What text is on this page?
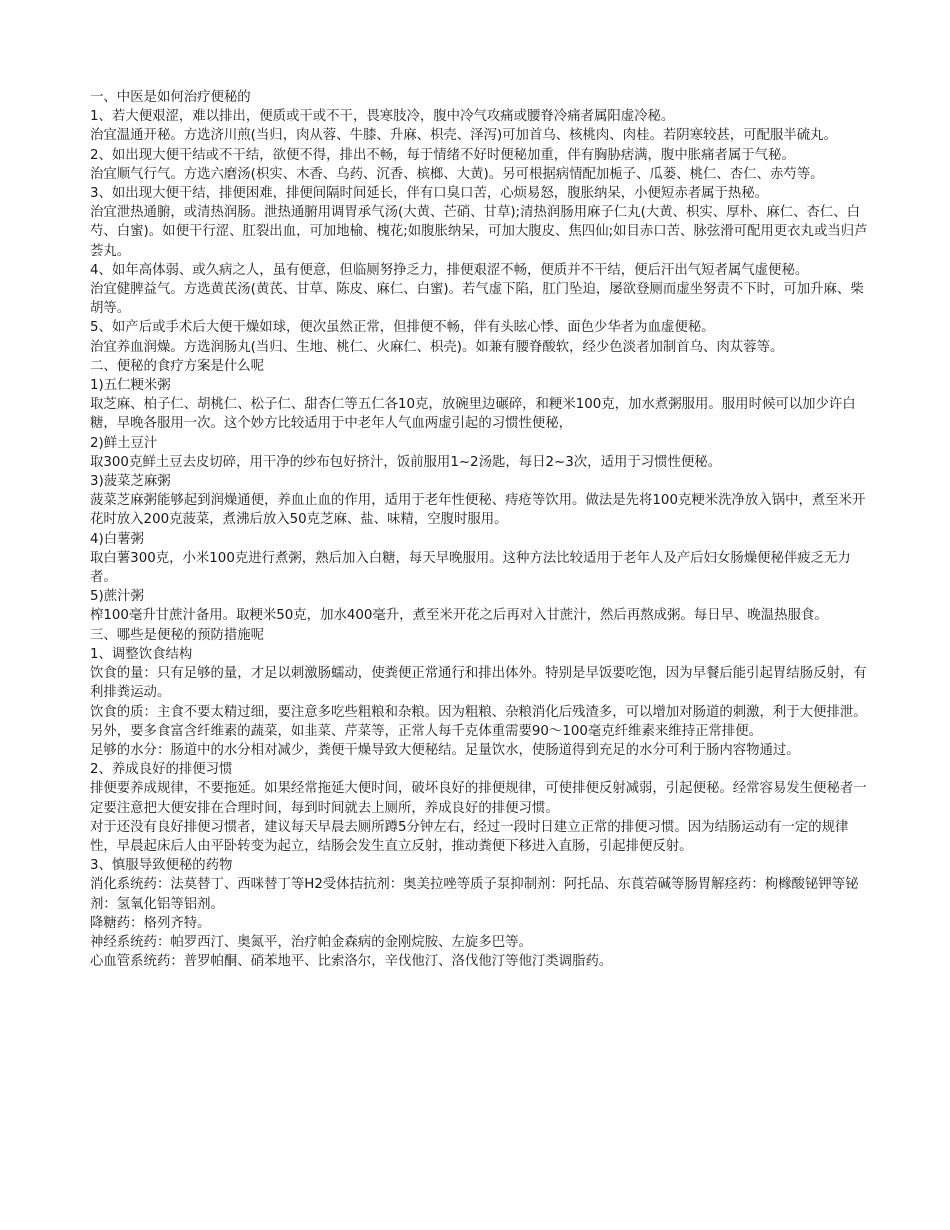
一、中医是如何治疗便秘的

1、若大便艰涩，难以排出，便质或干或不干，畏寒肢冷，腹中冷气攻痛或腰脊冷痛者属阳虚冷秘。

治宜温通开秘。方选济川煎(当归，肉从蓉、牛膝、升麻、枳壳、泽泻)可加首乌、核桃肉、肉桂。若阴寒较甚，可配服半硫丸。

2、如出现大便干结或不干结，欲便不得，排出不畅，每于情绪不好时便秘加重，伴有胸胁痞满，腹中胀痛者属于气秘。

治宜顺气行气。方选六磨汤(枳实、木香、乌药、沉香、槟榔、大黄)。另可根据病情配加栀子、瓜蒌、桃仁、杏仁、赤芍等。

3、如出现大便干结，排便困难，排便间隔时间延长，伴有口臭口苦，心烦易怒，腹胀纳呆，小便短赤者属于热秘。

治宜泄热通腑，或清热润肠。泄热通腑用调胃承气汤(大黄、芒硝、甘草);清热润肠用麻子仁丸(大黄、枳实、厚朴、麻仁、杏仁、白芍、白蜜)。如便干行涩、肛裂出血，可加地榆、槐花;如腹胀纳呆，可加大腹皮、焦四仙;如目赤口苦、脉弦滑可配用更衣丸或当归芦荟丸。

4、如年高体弱、或久病之人，虽有便意，但临厕努挣乏力，排便艰涩不畅，便质并不干结，便后汗出气短者属气虚便秘。

治宜健脾益气。方选黄芪汤(黄芪、甘草、陈皮、麻仁、白蜜)。若气虚下陷，肛门坠迫，屡欲登厕而虚坐努责不下时，可加升麻、柴胡等。

5、如产后或手术后大便干燥如球，便次虽然正常，但排便不畅，伴有头眩心悸、面色少华者为血虚便秘。

治宜养血润燥。方选润肠丸(当归、生地、桃仁、火麻仁、枳壳)。如兼有腰脊酸软，经少色淡者加制首乌、肉苁蓉等。

二、便秘的食疗方案是什么呢

1)五仁粳米粥

取芝麻、柏子仁、胡桃仁、松子仁、甜杏仁等五仁各10克，放碗里边碾碎，和粳米100克，加水煮粥服用。服用时候可以加少许白糖，早晚各服用一次。这个妙方比较适用于中老年人气血两虚引起的习惯性便秘，

2)鲜土豆汁

取300克鲜土豆去皮切碎，用干净的纱布包好挤汁，饭前服用1~2汤匙，每日2~3次，适用于习惯性便秘。

3)菠菜芝麻粥

菠菜芝麻粥能够起到润燥通便，养血止血的作用，适用于老年性便秘、痔疮等饮用。做法是先将100克粳米洗净放入锅中，煮至米开花时放入200克菠菜，煮沸后放入50克芝麻、盐、味精，空腹时服用。

4)白薯粥

取白薯300克，小米100克进行煮粥，熟后加入白糖，每天早晚服用。这种方法比较适用于老年人及产后妇女肠燥便秘伴疲乏无力者。

5)蔗汁粥

榨100毫升甘蔗汁备用。取粳米50克，加水400毫升，煮至米开花之后再对入甘蔗汁，然后再熬成粥。每日早、晚温热服食。

三、哪些是便秘的预防措施呢

1、调整饮食结构

饮食的量：只有足够的量，才足以刺激肠蠕动，使粪便正常通行和排出体外。特别是早饭要吃饱，因为早餐后能引起胃结肠反射，有利排粪运动。

饮食的质：主食不要太精过细，要注意多吃些粗粮和杂粮。因为粗粮、杂粮消化后残渣多，可以增加对肠道的刺激，利于大便排泄。另外，要多食富含纤维素的蔬菜，如韭菜、芹菜等，正常人每千克体重需要90～100毫克纤维素来维持正常排便。

足够的水分：肠道中的水分相对减少，粪便干燥导致大便秘结。足量饮水，使肠道得到充足的水分可利于肠内容物通过。

2、养成良好的排便习惯

排便要养成规律，不要拖延。如果经常拖延大便时间，破坏良好的排便规律，可使排便反射减弱，引起便秘。经常容易发生便秘者一定要注意把大便安排在合理时间，每到时间就去上厕所，养成良好的排便习惯。

对于还没有良好排便习惯者，建议每天早晨去厕所蹲5分钟左右，经过一段时日建立正常的排便习惯。因为结肠运动有一定的规律性，早晨起床后人由平卧转变为起立，结肠会发生直立反射，推动粪便下移进入直肠，引起排便反射。

3、慎服导致便秘的药物

消化系统药：法莫替丁、西咪替丁等H2受体拮抗剂：奥美拉唑等质子泵抑制剂：阿托品、东莨菪碱等肠胃解痉药：枸橼酸铋钾等铋剂：氢氧化铝等铝剂。

降糖药：格列齐特。

神经系统药：帕罗西汀、奥氮平，治疗帕金森病的金刚烷胺、左旋多巴等。

心血管系统药：普罗帕酮、硝苯地平、比索洛尔，辛伐他汀、洛伐他汀等他汀类调脂药。
